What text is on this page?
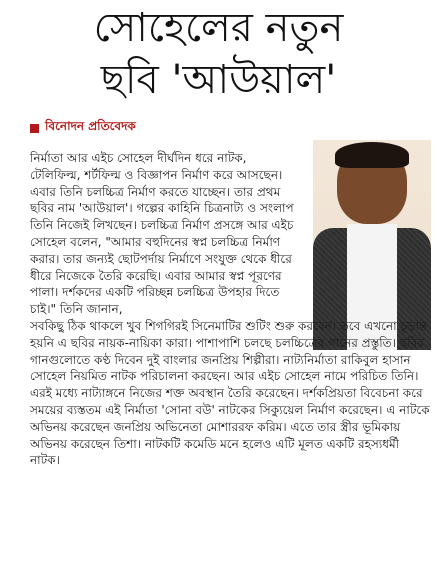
সোহেলের নতুন
ছবি 'আউয়াল'
বিনোদন প্রতিবেদক

নির্মাতা আর এইচ সোহেল দীর্ঘদিন ধরে নাটক, টেলিফিল্ম, শর্টফিল্ম ও বিজ্ঞাপন নির্মাণ করে আসছেন। এবার তিনি চলচ্চিত্র নির্মাণ করতে যাচ্ছেন। তার প্রথম ছবির নাম 'আউয়াল'। গল্পের কাহিনি চিত্রনাট্য ও সংলাপ তিনি নিজেই লিখছেন। চলচ্চিত্র নির্মাণ প্রসঙ্গে আর এইচ সোহেল বলেন, "আমার বহুদিনের স্বপ্ন চলচ্চিত্র নির্মাণ করার। তার জন্যই ছোটপর্দায় নির্মাণে সংযুক্ত থেকে ধীরে ধীরে নিজেকে তৈরি করেছি। এবার আমার স্বপ্ন পূরণের পালা। দর্শকদের একটি পরিচ্ছন্ন চলচ্চিত্র উপহার দিতে চাই।" তিনি জানান,

সবকিছু ঠিক থাকলে খুব শিগগিরই সিনেমাটির শুটিং শুরু করবেন। তবে এখনো চূড়ান্ত হয়নি এ ছবির নায়ক-নায়িকা কারা। পাশাপাশি চলছে চলচ্চিত্রের গানের প্রস্তুতি। ছবির গানগুলোতে কণ্ঠ দিবেন দুই বাংলার জনপ্রিয় শিল্পীরা। নাট্যনির্মাতা রাকিবুল হাসান সোহেল নিয়মিত নাটক পরিচালনা করছেন। আর এইচ সোহেল নামে পরিচিত তিনি। এরই মধ্যে নাট্যাঙ্গনে নিজের শক্ত অবস্থান তৈরি করেছেন। দর্শকপ্রিয়তা বিবেচনা করে সময়ের ব্যস্ততম এই নির্মাতা 'সোনা বউ' নাটকের সিক্যুয়েল নির্মাণ করেছেন। এ নাটকে অভিনয় করেছেন জনপ্রিয় অভিনেতা মোশাররফ করিম। এতে তার স্ত্রীর ভূমিকায় অভিনয় করেছেন তিশা। নাটকটি কমেডি মনে হলেও এটি মূলত একটি রহস্যধর্মী নাটক।
